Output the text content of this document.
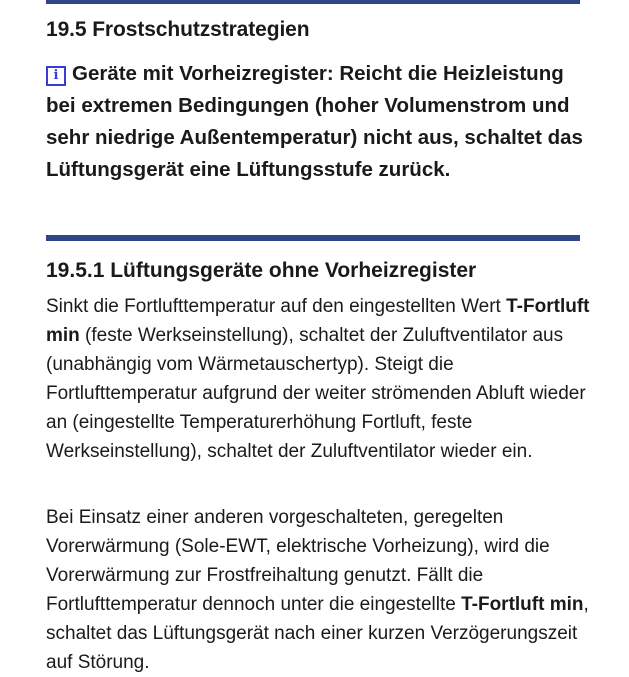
19.5 Frostschutzstrategien
i Geräte mit Vorheizregister: Reicht die Heizleistung bei extremen Bedingungen (hoher Volumenstrom und sehr niedrige Außentemperatur) nicht aus, schaltet das Lüftungsgerät eine Lüftungsstufe zurück.
19.5.1 Lüftungsgeräte ohne Vorheizregister
Sinkt die Fortlufttemperatur auf den eingestellten Wert T-Fortluft min (feste Werkseinstellung), schaltet der Zuluftventilator aus (unabhängig vom Wärmetauschertyp). Steigt die Fortlufttemperatur aufgrund der weiter strömenden Abluft wieder an (eingestellte Temperaturerhöhung Fortluft, feste Werkseinstellung), schaltet der Zuluftventilator wieder ein.
Bei Einsatz einer anderen vorgeschalteten, geregelten Vorerwärmung (Sole-EWT, elektrische Vorheizung), wird die Vorerwärmung zur Frostfreihaltung genutzt. Fällt die Fortlufttemperatur dennoch unter die eingestellte T-Fortluft min, schaltet das Lüftungsgerät nach einer kurzen Verzögerungszeit auf Störung.
